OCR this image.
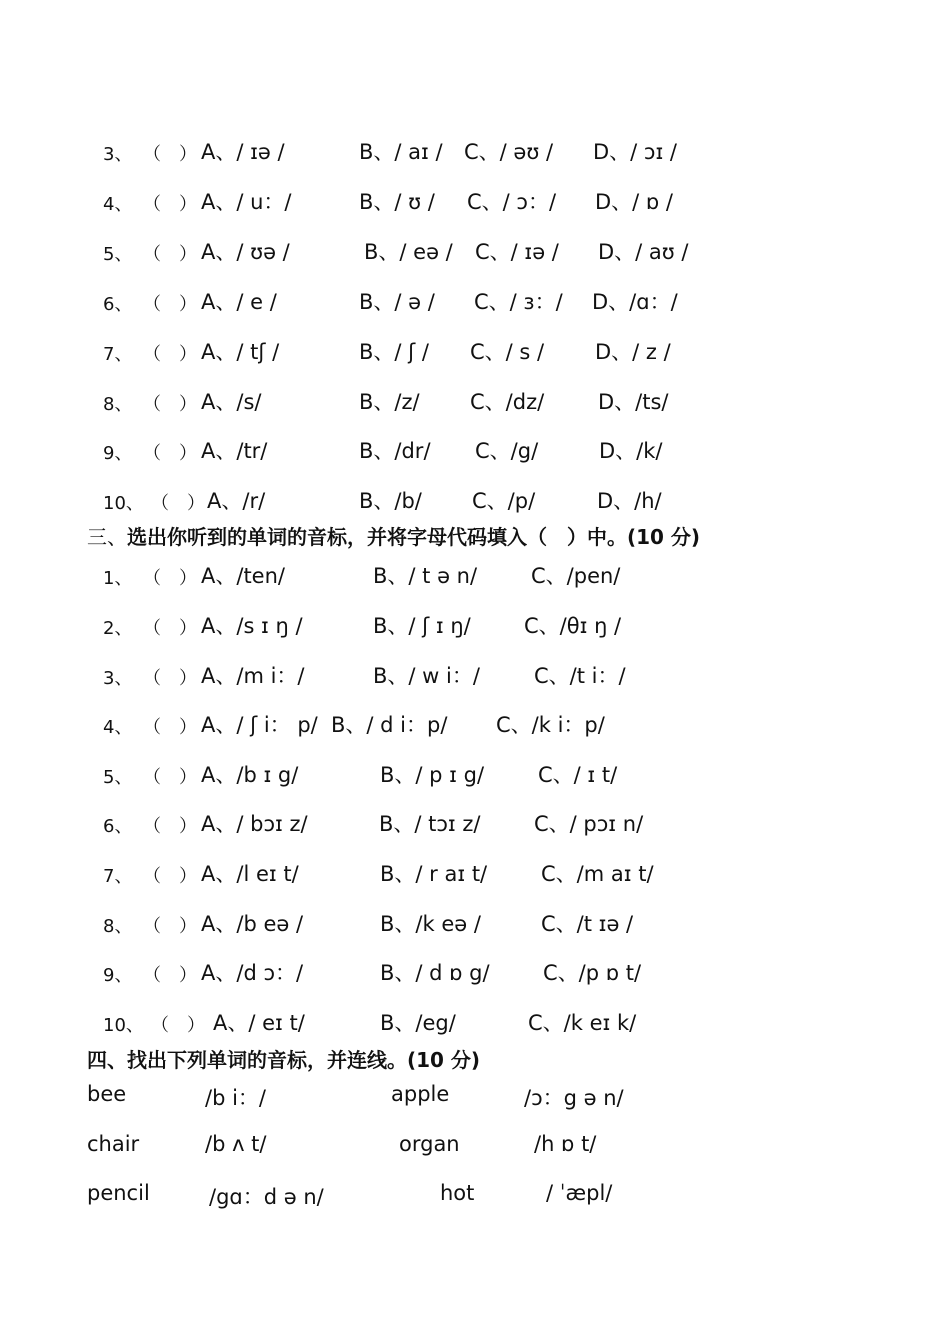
3、 （　） A、/ ɪə /	B、/ aɪ / C、/ əʊ / D、/ ɔɪ /
4、 （　） A、/ u：/	B、/ ʊ / C、/ ɔ：/ D、/ ɒ /
5、 （　） A、/ ʊə /	B、/ eə / C、/ ɪə / D、/ aʊ /
6、 （　） A、/ e /	B、/ ə / C、/ ɜ：/ D、/ɑ：/
7、 （　） A、/ tʃ /	B、/ ʃ / C、/ s / D、/ z /
8、 （　） A、/s/	B、/z/ C、/dz/	D、/ts/
9、 （　） A、/tr/	B、/dr/ C、/g/	D、/k/
10、 （　） A、/r/	B、/b/ C、/p/	D、/h/
三、选出你听到的单词的音标，并将字母代码填入（　）中。(10 分)
1、 （　） A、/ten/	B、/ t ə n/	C、/pen/
2、 （　） A、/s ɪ ŋ /	B、/ ʃ ɪ ŋ/	C、/θɪ ŋ /
3、 （　） A、/m i：/	B、/ w i：/	C、/t i：/
4、 （　） A、/ ʃ i： p/ B、/ d i：p/ C、/k i：p/
5、 （　） A、/b ɪ g/	B、/ p ɪ g/	C、/ ɪ t/
6、 （　） A、/ bɔɪ z/	B、/ tɔɪ z/	C、/ pɔɪ n/
7、 （　） A、/l eɪ t/	B、/ r aɪ t/	C、/m aɪ t/
8、 （　） A、/b eə /	B、/k eə /	C、/t ɪə /
9、 （　） A、/d ɔ：/	B、/ d ɒ g/	C、/p ɒ t/
10、 （　） A、/ eɪ t/	B、/eg/	C、/k eɪ k/
四、找出下列单词的音标，并连线。(10 分)
bee	/b i：/	apple	/ɔ：g ə n/
chair	/b ʌ t/	organ	/h ɒ t/
pencil	/gɑ：d ə n/	hot	/ ˈæpl/
